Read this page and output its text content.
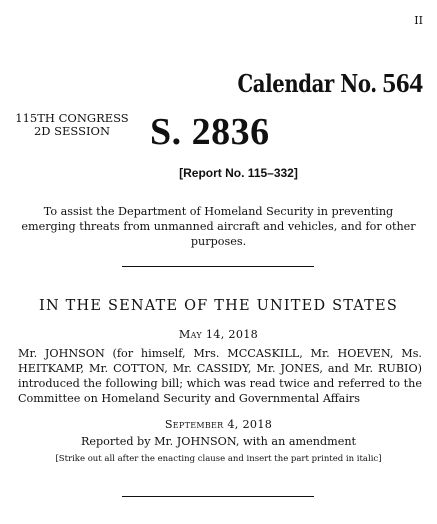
II
Calendar No. 564
115TH CONGRESS
2D SESSION	S. 2836
[Report No. 115–332]
To assist the Department of Homeland Security in preventing emerging threats from unmanned aircraft and vehicles, and for other purposes.
IN THE SENATE OF THE UNITED STATES
May 14, 2018
Mr. JOHNSON (for himself, Mrs. MCCASKILL, Mr. HOEVEN, Ms. HEITKAMP, Mr. COTTON, Mr. CASSIDY, Mr. JONES, and Mr. RUBIO) introduced the following bill; which was read twice and referred to the Committee on Homeland Security and Governmental Affairs
September 4, 2018
Reported by Mr. JOHNSON, with an amendment
[Strike out all after the enacting clause and insert the part printed in italic]
